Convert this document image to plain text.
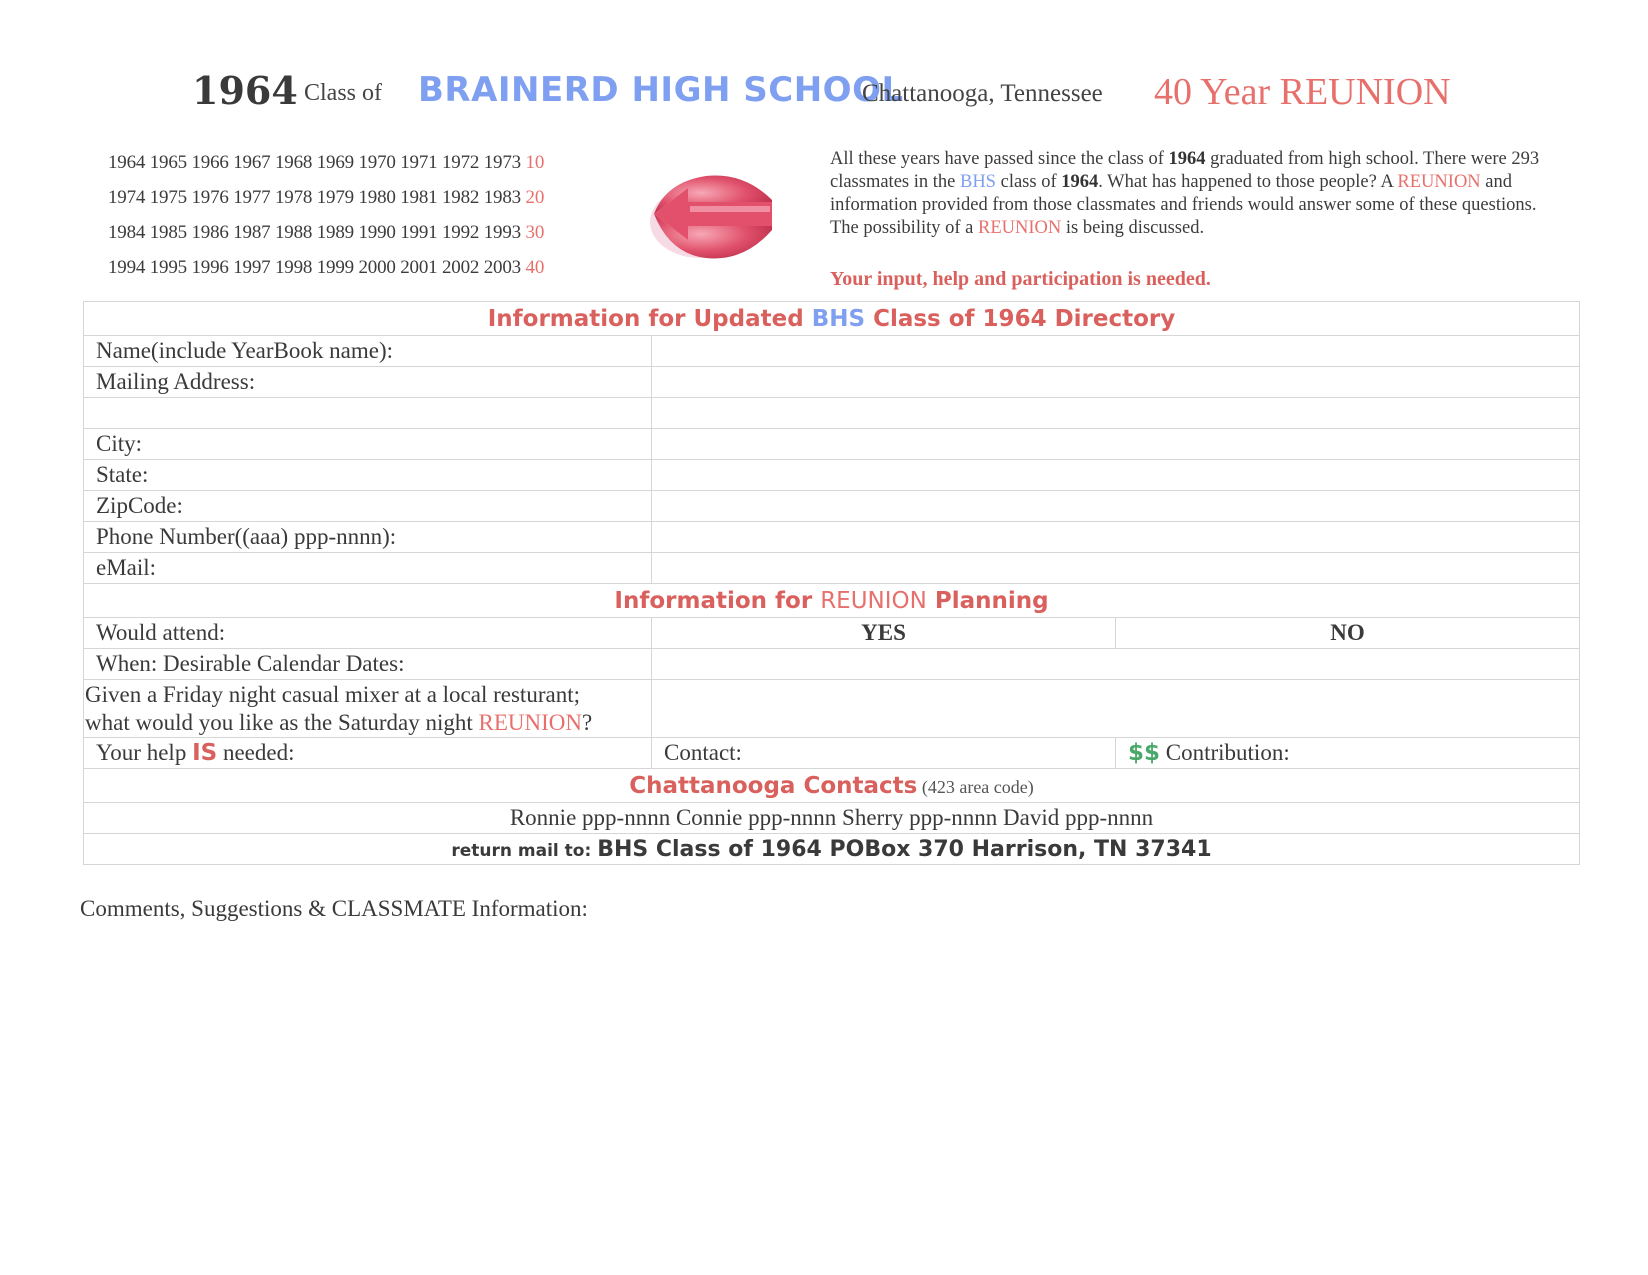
1964 Class of BRAINERD HIGH SCHOOL
Chattanooga, Tennessee 40 Year REUNION
1964 1965 1966 1967 1968 1969 1970 1971 1972 1973 10
1974 1975 1976 1977 1978 1979 1980 1981 1982 1983 20
1984 1985 1986 1987 1988 1989 1990 1991 1992 1993 30
1994 1995 1996 1997 1998 1999 2000 2001 2002 2003 40
All these years have passed since the class of 1964 graduated from high school. There were 293 classmates in the BHS class of 1964. What has happened to those people? A REUNION and information provided from those classmates and friends would answer some of these questions. The possibility of a REUNION is being discussed.
Your input, help and participation is needed.
Information for Updated BHS Class of 1964 Directory		
Name(include YearBook name):		
Mailing Address:		

City:		
State:		
ZipCode:		
Phone Number((aaa) ppp-nnnn):		
eMail:		
Information for REUNION Planning		
Would attend:	YES	NO
When: Desirable Calendar Dates:		
Given a Friday night casual mixer at a local resturant;
what would you like as the Saturday night REUNION?		
Your help IS needed:	Contact:	$$ Contribution:
Chattanooga Contacts (423 area code)		
Ronnie ppp-nnnn Connie ppp-nnnn Sherry ppp-nnnn David ppp-nnnn		
return mail to: BHS Class of 1964 POBox 370 Harrison, TN 37341		
Comments, Suggestions & CLASSMATE Information:
